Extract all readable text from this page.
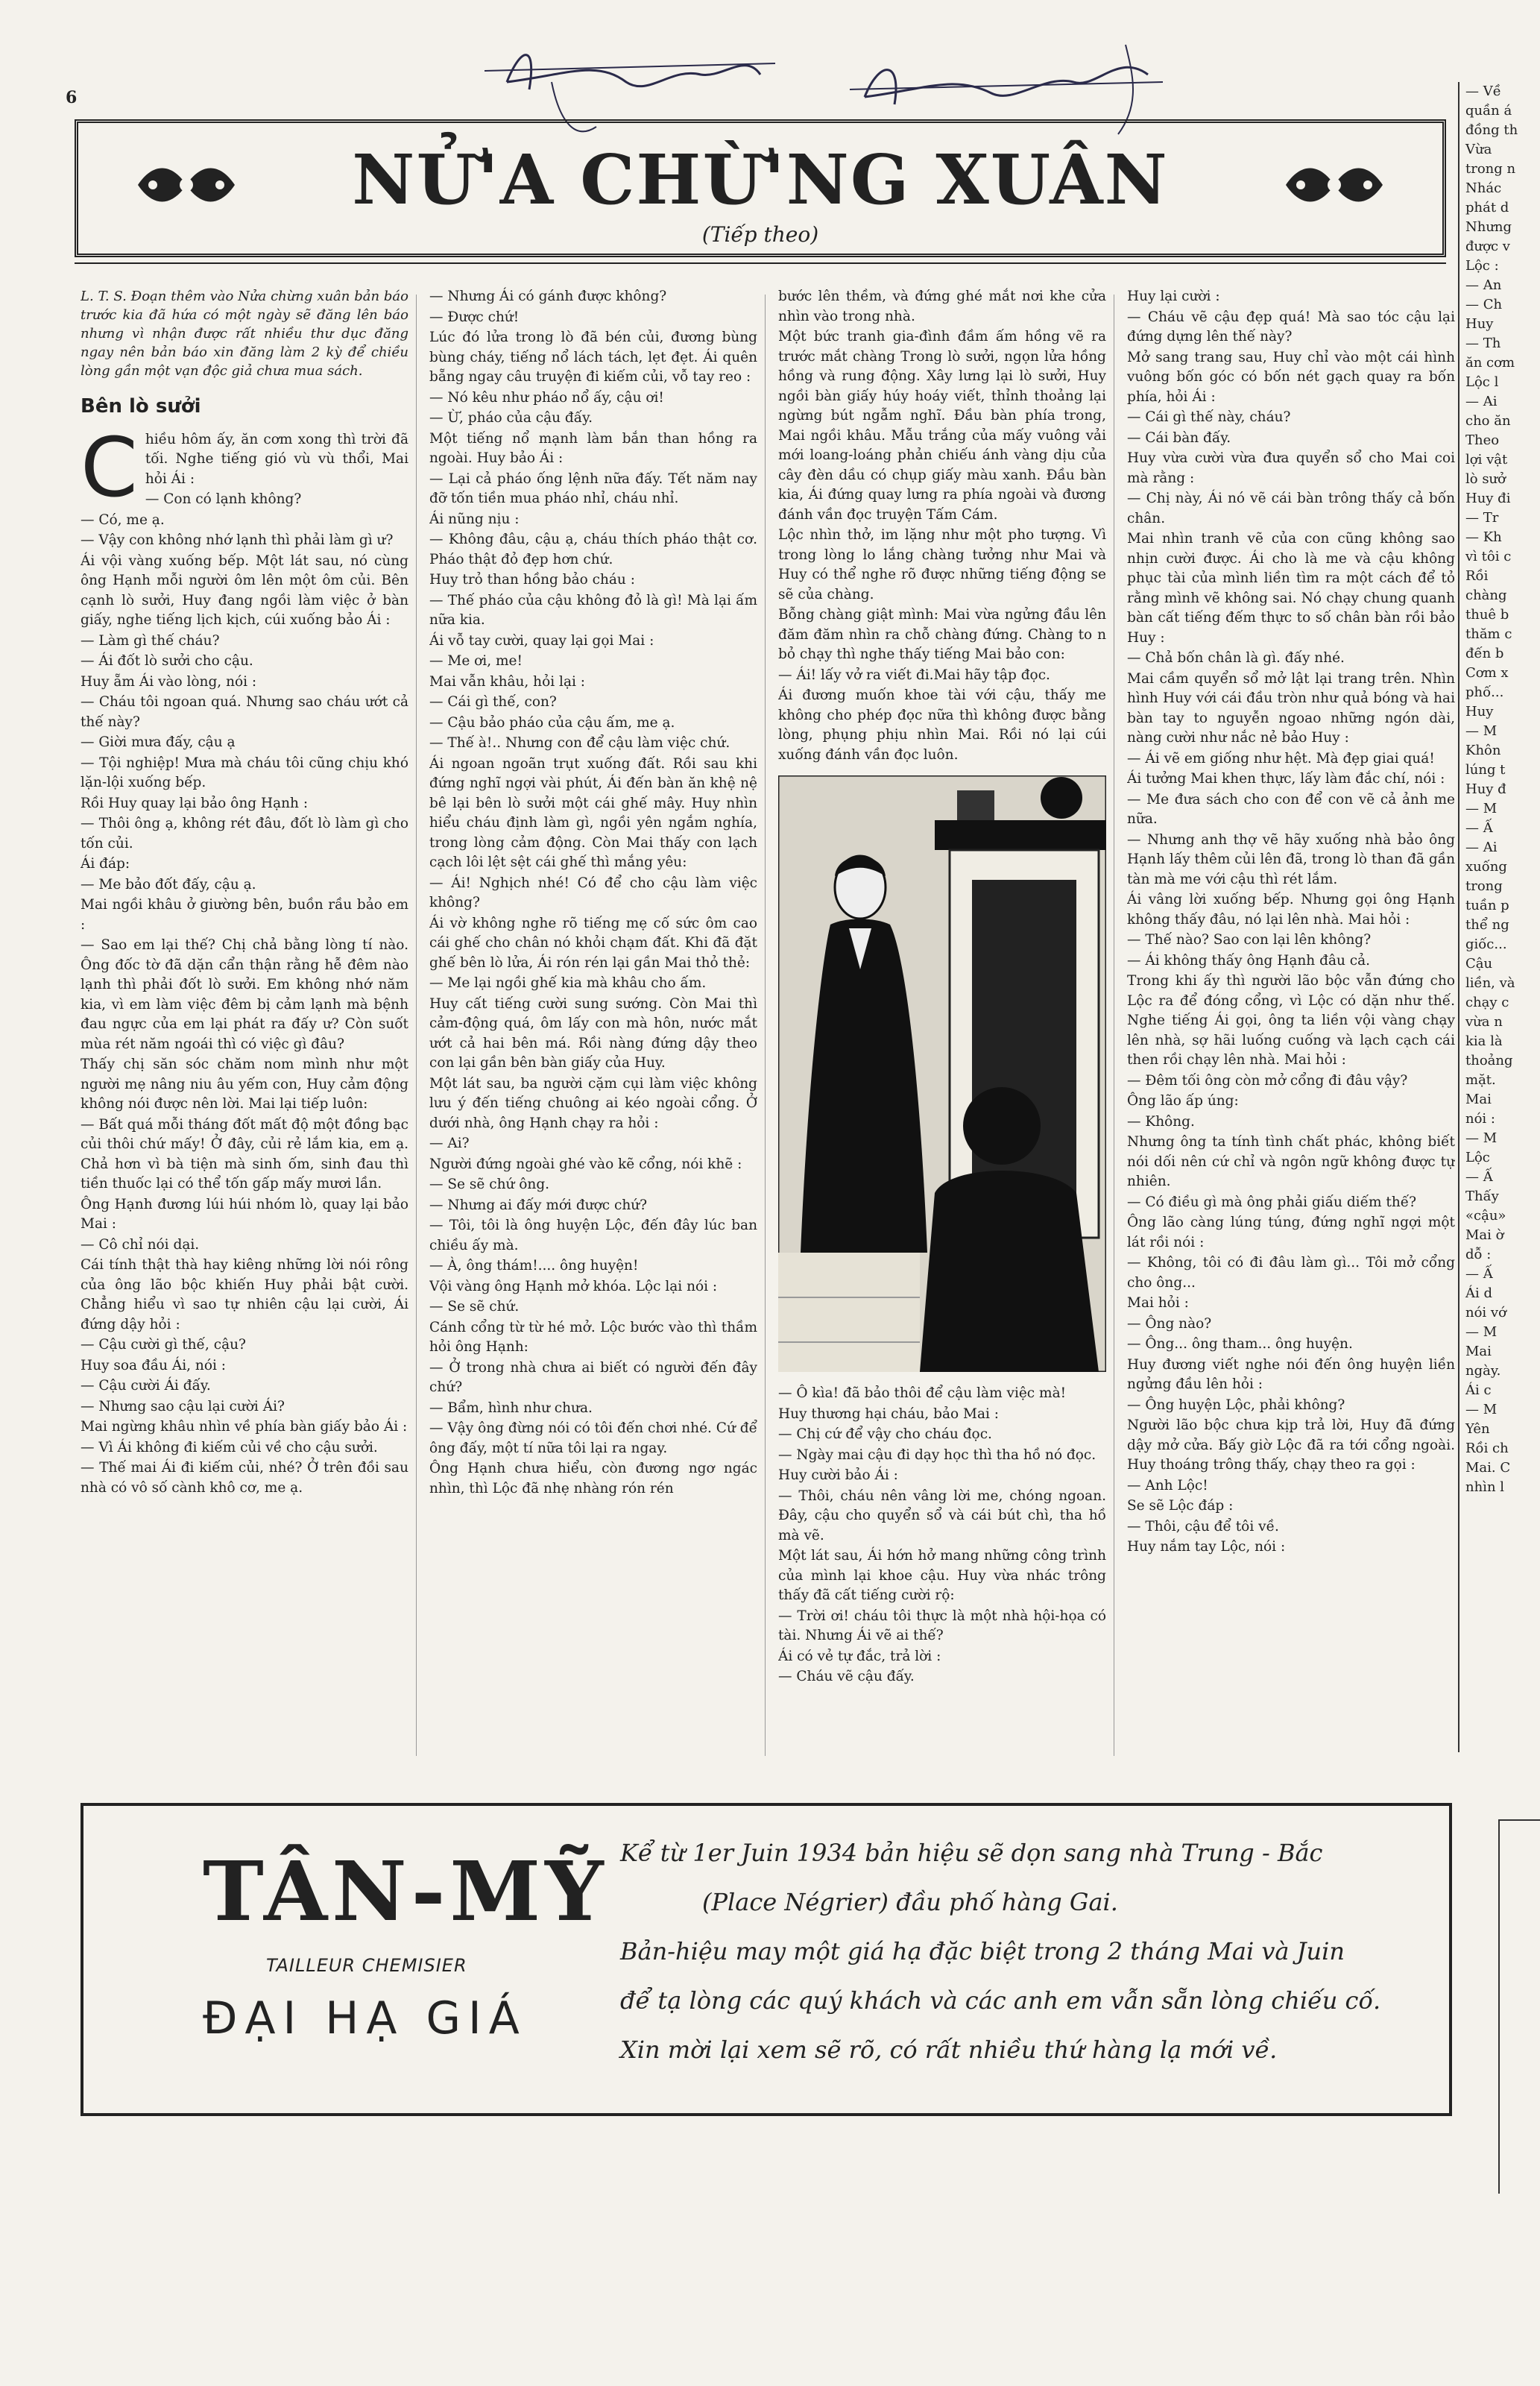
6
NỬ'A CHỪ'NG XUÂN
(Tiếp theo)

L. T. S. Đoạn thêm vào Nửa chừng xuân bản báo trước kia đã hứa có một ngày sẽ đăng lên báo nhưng vì nhận được rất nhiều thư dục đăng ngay nên bản báo xin đăng làm 2 kỳ để chiều lòng gần một vạn độc giả chưa mua sách.

Bên lò sưởi

C hiều hôm ấy, ăn cơm xong thì trời đã tối. Nghe tiếng gió vù vù thổi, Mai hỏi Ái :

— Con có lạnh không?

— Có, me ạ.

— Vậy con không nhớ lạnh thì phải làm gì ư?

Ái vội vàng xuống bếp. Một lát sau, nó cùng ông Hạnh mỗi người ôm lên một ôm củi. Bên cạnh lò sưởi, Huy đang ngồi làm việc ở bàn giấy, nghe tiếng lịch kịch, cúi xuống bảo Ái :

— Làm gì thế cháu?

— Ái đốt lò sưởi cho cậu.

Huy ẵm Ái vào lòng, nói :

— Cháu tôi ngoan quá. Nhưng sao cháu ướt cả thế này?

— Giời mưa đấy, cậu ạ

— Tội nghiệp! Mưa mà cháu tôi cũng chịu khó lặn-lội xuống bếp.

Rồi Huy quay lại bảo ông Hạnh :

— Thôi ông ạ, không rét đâu, đốt lò làm gì cho tốn củi.

Ái đáp:

— Me bảo đốt đấy, cậu ạ.

Mai ngồi khâu ở giường bên, buồn rầu bảo em :

— Sao em lại thế? Chị chả bằng lòng tí nào. Ông đốc tờ đã dặn cẩn thận rằng hễ đêm nào lạnh thì phải đốt lò sưởi. Em không nhớ năm kia, vì em làm việc đêm bị cảm lạnh mà bệnh đau ngực của em lại phát ra đấy ư? Còn suốt mùa rét năm ngoái thì có việc gì đâu?

Thấy chị săn sóc chăm nom mình như một người mẹ nâng niu âu yếm con, Huy cảm động không nói được nên lời. Mai lại tiếp luôn:

— Bất quá mỗi tháng đốt mất độ một đồng bạc củi thôi chứ mấy! Ở đây, củi rẻ lắm kia, em ạ. Chả hơn vì bà tiện mà sinh ốm, sinh đau thì tiền thuốc lại có thể tốn gấp mấy mươi lần.

Ông Hạnh đương lúi húi nhóm lò, quay lại bảo Mai :

— Cô chỉ nói dại.

Cái tính thật thà hay kiêng những lời nói rông của ông lão bộc khiến Huy phải bật cười. Chẳng hiểu vì sao tự nhiên cậu lại cười, Ái đứng dậy hỏi :

— Cậu cười gì thế, cậu?

Huy soa đầu Ái, nói :

— Cậu cười Ái đấy.

— Nhưng sao cậu lại cười Ái?

Mai ngừng khâu nhìn về phía bàn giấy bảo Ái :

— Vì Ái không đi kiếm củi về cho cậu sưởi.

— Thế mai Ái đi kiếm củi, nhé? Ở trên đồi sau nhà có vô số cành khô cơ, me ạ.

— Nhưng Ái có gánh được không?

— Được chứ!

Lúc đó lửa trong lò đã bén củi, đương bùng bùng cháy, tiếng nổ lách tách, lẹt đẹt. Ái quên bẵng ngay câu truyện đi kiếm củi, vỗ tay reo :

— Nó kêu như pháo nổ ấy, cậu ơi!

— Ừ, pháo của cậu đấy.

Một tiếng nổ mạnh làm bắn than hồng ra ngoài. Huy bảo Ái :

— Lại cả pháo ống lệnh nữa đấy. Tết năm nay đỡ tốn tiền mua pháo nhỉ, cháu nhỉ.

Ái nũng nịu :

— Không đâu, cậu ạ, cháu thích pháo thật cơ. Pháo thật đỏ đẹp hơn chứ.

Huy trỏ than hồng bảo cháu :

— Thế pháo của cậu không đỏ là gì! Mà lại ấm nữa kia.

Ái vỗ tay cười, quay lại gọi Mai :

— Me ơi, me!

Mai vẫn khâu, hỏi lại :

— Cái gì thế, con?

— Cậu bảo pháo của cậu ấm, me ạ.

— Thế à!.. Nhưng con để cậu làm việc chứ.

Ái ngoan ngoãn trụt xuống đất. Rồi sau khi đứng nghĩ ngợi vài phút, Ái đến bàn ăn khệ nệ bê lại bên lò sưởi một cái ghế mây. Huy nhìn hiểu cháu định làm gì, ngồi yên ngắm nghía, trong lòng cảm động. Còn Mai thấy con lạch cạch lôi lệt sệt cái ghế thì mắng yêu:

— Ái! Nghịch nhé! Có để cho cậu làm việc không?

Ái vờ không nghe rõ tiếng mẹ cố sức ôm cao cái ghế cho chân nó khỏi chạm đất. Khi đã đặt ghế bên lò lửa, Ái rón rén lại gần Mai thỏ thẻ:

— Me lại ngồi ghế kia mà khâu cho ấm.

Huy cất tiếng cười sung sướng. Còn Mai thì cảm-động quá, ôm lấy con mà hôn, nước mắt ướt cả hai bên má. Rồi nàng đứng dậy theo con lại gần bên bàn giấy của Huy.

Một lát sau, ba người cặm cụi làm việc không lưu ý đến tiếng chuông ai kéo ngoài cổng. Ở dưới nhà, ông Hạnh chạy ra hỏi :

— Ai?

Người đứng ngoài ghé vào kẽ cổng, nói khẽ :

— Se sẽ chứ ông.

— Nhưng ai đấy mới được chứ?

— Tôi, tôi là ông huyện Lộc, đến đây lúc ban chiều ấy mà.

— À, ông thám!.... ông huyện!

Vội vàng ông Hạnh mở khóa. Lộc lại nói :

— Se sẽ chứ.

Cánh cổng từ từ hé mở. Lộc bước vào thì thầm hỏi ông Hạnh:

— Ở trong nhà chưa ai biết có người đến đây chứ?

— Bẩm, hình như chưa.

— Vậy ông đừng nói có tôi đến chơi nhé. Cứ để ông đấy, một tí nữa tôi lại ra ngay.

Ông Hạnh chưa hiểu, còn đương ngơ ngác nhìn, thì Lộc đã nhẹ nhàng rón rén

bước lên thềm, và đứng ghé mắt nơi khe cửa nhìn vào trong nhà.

Một bức tranh gia-đình đầm ấm hồng vẽ ra trước mắt chàng Trong lò sưởi, ngọn lửa hồng hồng và rung động. Xây lưng lại lò sưởi, Huy ngồi bàn giấy húy hoáy viết, thỉnh thoảng lại ngừng bút ngẫm nghĩ. Đầu bàn phía trong, Mai ngồi khâu. Mẫu trắng của mấy vuông vải mới loang-loáng phản chiếu ánh vàng dịu của cây đèn dầu có chụp giấy màu xanh. Đầu bàn kia, Ái đứng quay lưng ra phía ngoài và đương đánh vần đọc truyện Tấm Cám.

Lộc nhìn thở, im lặng như một pho tượng. Vì trong lòng lo lắng chàng tưởng như Mai và Huy có thể nghe rõ được những tiếng động se sẽ của chàng.

Bỗng chàng giật mình: Mai vừa ngửng đầu lên đăm đăm nhìn ra chỗ chàng đứng. Chàng to n bỏ chạy thì nghe thấy tiếng Mai bảo con:

— Ái! lấy vở ra viết đi.Mai hãy tập đọc.

Ái đương muốn khoe tài với cậu, thấy me không cho phép đọc nữa thì không được bằng lòng, phụng phịu nhìn Mai. Rồi nó lại cúi xuống đánh vần đọc luôn.

— Ô kìa! đã bảo thôi để cậu làm việc mà!

Huy thương hại cháu, bảo Mai :

— Chị cứ để vậy cho cháu đọc.

— Ngày mai cậu đi dạy học thì tha hồ nó đọc.

Huy cười bảo Ái :

— Thôi, cháu nên vâng lời me, chóng ngoan. Đây, cậu cho quyển sổ và cái bút chì, tha hồ mà vẽ.

Một lát sau, Ái hớn hở mang những công trình của mình lại khoe cậu. Huy vừa nhác trông thấy đã cất tiếng cười rộ:

— Trời ơi! cháu tôi thực là một nhà hội-họa có tài. Nhưng Ái vẽ ai thế?

Ái có vẻ tự đắc, trả lời :

— Cháu vẽ cậu đấy.

Huy lại cười :

— Cháu vẽ cậu đẹp quá! Mà sao tóc cậu lại đứng dựng lên thế này?

Mở sang trang sau, Huy chỉ vào một cái hình vuông bốn góc có bốn nét gạch quay ra bốn phía, hỏi Ái :

— Cái gì thế này, cháu?

— Cái bàn đấy.

Huy vừa cười vừa đưa quyển sổ cho Mai coi mà rằng :

— Chị này, Ái nó vẽ cái bàn trông thấy cả bốn chân.

Mai nhìn tranh vẽ của con cũng không sao nhịn cười được. Ái cho là me và cậu không phục tài của mình liền tìm ra một cách để tỏ rằng mình vẽ không sai. Nó chạy chung quanh bàn cất tiếng đếm thực to số chân bàn rồi bảo Huy :

— Chả bốn chân là gì. đấy nhé.

Mai cầm quyển sổ mở lật lại trang trên. Nhìn hình Huy với cái đầu tròn như quả bóng và hai bàn tay to nguyễn ngoao những ngón dài, nàng cười như nắc nẻ bảo Huy :

— Ái vẽ em giống như hệt. Mà đẹp giai quá!

Ái tưởng Mai khen thực, lấy làm đắc chí, nói :

— Me đưa sách cho con để con vẽ cả ảnh me nữa.

— Nhưng anh thợ vẽ hãy xuống nhà bảo ông Hạnh lấy thêm củi lên đã, trong lò than đã gần tàn mà me với cậu thì rét lắm.

Ái vâng lời xuống bếp. Nhưng gọi ông Hạnh không thấy đâu, nó lại lên nhà. Mai hỏi :

— Thế nào? Sao con lại lên không?

— Ái không thấy ông Hạnh đâu cả.

Trong khi ấy thì người lão bộc vẫn đứng cho Lộc ra để đóng cổng, vì Lộc có dặn như thế. Nghe tiếng Ái gọi, ông ta liền vội vàng chạy lên nhà, sợ hãi luống cuống và lạch cạch cái then rồi chạy lên nhà. Mai hỏi :

— Đêm tối ông còn mở cổng đi đâu vậy?

Ông lão ấp úng:

— Không.

Nhưng ông ta tính tình chất phác, không biết nói dối nên cứ chỉ và ngôn ngữ không được tự nhiên.

— Có điều gì mà ông phải giấu diếm thế?

Ông lão càng lúng túng, đứng nghĩ ngợi một lát rồi nói :

— Không, tôi có đi đâu làm gì... Tôi mở cổng cho ông...

Mai hỏi :

— Ông nào?

— Ông... ông tham... ông huyện.

Huy đương viết nghe nói đến ông huyện liền ngửng đầu lên hỏi :

— Ông huyện Lộc, phải không?

Người lão bộc chưa kịp trả lời, Huy đã đứng dậy mở cửa. Bấy giờ Lộc đã ra tới cổng ngoài. Huy thoáng trông thấy, chạy theo ra gọi :

— Anh Lộc!

Se sẽ Lộc đáp :

— Thôi, cậu để tôi về.

Huy nắm tay Lộc, nói :

— Về

quần á

đồng th

Vừa

trong n

Nhác

phát d

Nhưng

được v

Lộc :

— An

— Ch

Huy

— Th

ăn cơm

Lộc l

— Ai

cho ăn

Theo

lợi vật

lò sưở

Huy đi

— Tr

— Kh

vì tôi c

Rồi

chàng

thuê b

thăm c

đến b

Cơm x

phố...

Huy

— M

Khôn

lúng t

Huy đ

— M

— Ấ

— Ai

xuống

trong

tuần p

thể ng

giốc...

Cậu

liền, và

chạy c

vừa n

kia là

thoảng

mặt.

Mai

nói :

— M

Lộc

— Ấ

Thấy

«cậu»

Mai ờ

dỗ :

— Ấ

Ái d

nói vớ

— M

Mai

ngày.

Ái c

— M

Yên

Rồi ch

Mai. C

nhìn l

TÂN-MỸ
TAILLEUR CHEMISIER
ĐẠI HẠ GIÁ

Kể từ 1er Juin 1934 bản hiệu sẽ dọn sang nhà Trung - Bắc

(Place Négrier) đầu phố hàng Gai.

Bản-hiệu may một giá hạ đặc biệt trong 2 tháng Mai và Juin

để tạ lòng các quý khách và các anh em vẫn sẵn lòng chiếu cố.

Xin mời lại xem sẽ rõ, có rất nhiều thứ hàng lạ mới về.
